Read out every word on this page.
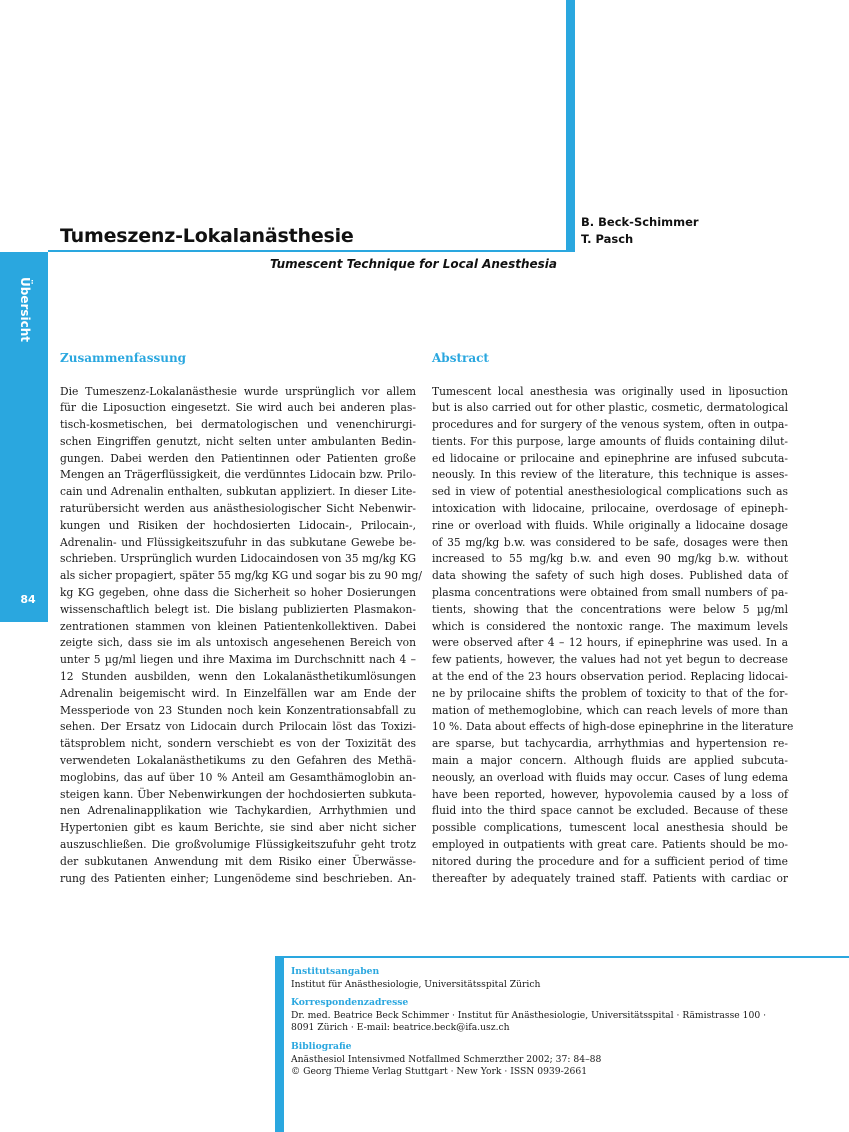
Übersicht
84
Tumeszenz-Lokalanästhesie
B. Beck-Schimmer
T. Pasch
Tumescent Technique for Local Anesthesia
Zusammenfassung	Abstract
Die Tumeszenz-Lokalanästhesie wurde ursprünglich vor allem
für die Liposuction eingesetzt. Sie wird auch bei anderen plas-
tisch-kosmetischen, bei dermatologischen und venenchirurgi-
schen Eingriffen genutzt, nicht selten unter ambulanten Bedin-
gungen. Dabei werden den Patientinnen oder Patienten große
Mengen an Trägerflüssigkeit, die verdünntes Lidocain bzw. Prilo-
cain und Adrenalin enthalten, subkutan appliziert. In dieser Lite-
raturübersicht werden aus anästhesiologischer Sicht Nebenwir-
kungen und Risiken der hochdosierten Lidocain-, Prilocain-,
Adrenalin- und Flüssigkeitszufuhr in das subkutane Gewebe be-
schrieben. Ursprünglich wurden Lidocaindosen von 35 mg/kg KG
als sicher propagiert, später 55 mg/kg KG und sogar bis zu 90 mg/
kg KG gegeben, ohne dass die Sicherheit so hoher Dosierungen
wissenschaftlich belegt ist. Die bislang publizierten Plasmakon-
zentrationen stammen von kleinen Patientenkollektiven. Dabei
zeigte sich, dass sie im als untoxisch angesehenen Bereich von
unter 5 µg/ml liegen und ihre Maxima im Durchschnitt nach 4 –
12 Stunden ausbilden, wenn den Lokalanästhetikumlösungen
Adrenalin beigemischt wird. In Einzelfällen war am Ende der
Messperiode von 23 Stunden noch kein Konzentrationsabfall zu
sehen. Der Ersatz von Lidocain durch Prilocain löst das Toxizi-
tätsproblem nicht, sondern verschiebt es von der Toxizität des
verwendeten Lokalanästhetikums zu den Gefahren des Methä-
moglobins, das auf über 10 % Anteil am Gesamthämoglobin an-
steigen kann. Über Nebenwirkungen der hochdosierten subkuta-
nen Adrenalinapplikation wie Tachykardien, Arrhythmien und
Hypertonien gibt es kaum Berichte, sie sind aber nicht sicher
auszuschließen. Die großvolumige Flüssigkeitszufuhr geht trotz
der subkutanen Anwendung mit dem Risiko einer Überwässe-
rung des Patienten einher; Lungenödeme sind beschrieben. An-
Tumescent local anesthesia was originally used in liposuction
but is also carried out for other plastic, cosmetic, dermatological
procedures and for surgery of the venous system, often in outpa-
tients. For this purpose, large amounts of fluids containing dilut-
ed lidocaine or prilocaine and epinephrine are infused subcuta-
neously. In this review of the literature, this technique is asses-
sed in view of potential anesthesiological complications such as
intoxication with lidocaine, prilocaine, overdosage of epineph-
rine or overload with fluids. While originally a lidocaine dosage
of 35 mg/kg b.w. was considered to be safe, dosages were then
increased to 55 mg/kg b.w. and even 90 mg/kg b.w. without
data showing the safety of such high doses. Published data of
plasma concentrations were obtained from small numbers of pa-
tients, showing that the concentrations were below 5 µg/ml
which is considered the nontoxic range. The maximum levels
were observed after 4 – 12 hours, if epinephrine was used. In a
few patients, however, the values had not yet begun to decrease
at the end of the 23 hours observation period. Replacing lidocai-
ne by prilocaine shifts the problem of toxicity to that of the for-
mation of methemoglobine, which can reach levels of more than
10 %. Data about effects of high-dose epinephrine in the literature
are sparse, but tachycardia, arrhythmias and hypertension re-
main a major concern. Although fluids are applied subcuta-
neously, an overload with fluids may occur. Cases of lung edema
have been reported, however, hypovolemia caused by a loss of
fluid into the third space cannot be excluded. Because of these
possible complications, tumescent local anesthesia should be
employed in outpatients with great care. Patients should be mo-
nitored during the procedure and for a sufficient period of time
thereafter by adequately trained staff. Patients with cardiac or
Institutsangaben
Institut für Anästhesiologie, Universitätsspital Zürich
Korrespondenzadresse
Dr. med. Beatrice Beck Schimmer · Institut für Anästhesiologie, Universitätsspital · Rämistrasse 100 ·
8091 Zürich · E-mail: beatrice.beck@ifa.usz.ch
Bibliografie
Anästhesiol Intensivmed Notfallmed Schmerzther 2002; 37: 84–88
© Georg Thieme Verlag Stuttgart · New York · ISSN 0939-2661
